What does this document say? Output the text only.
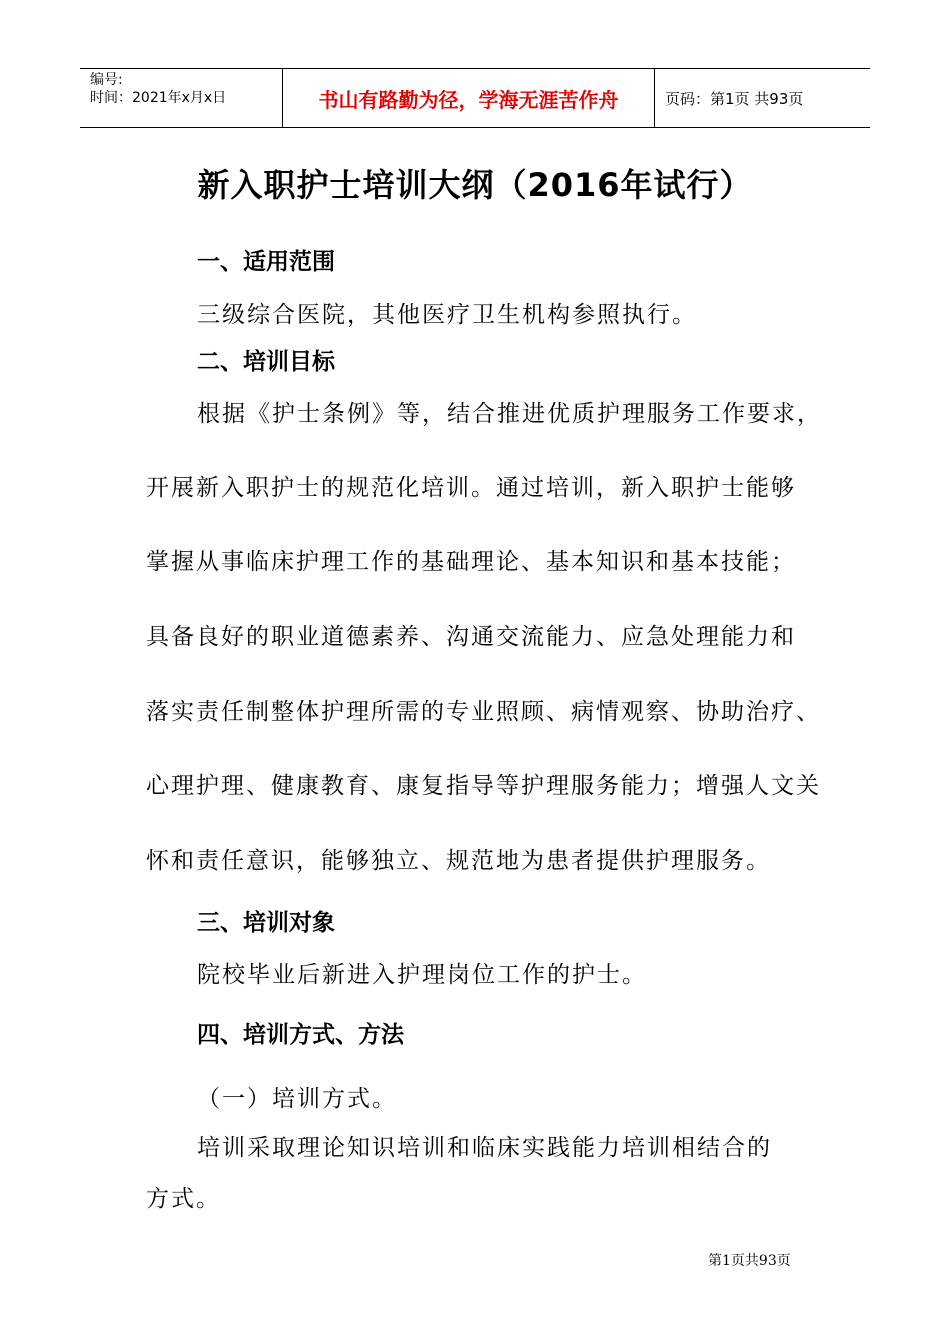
编号:
时间：2021年x月x日	书山有路勤为径，学海无涯苦作舟	页码：第1页 共93页
新入职护士培训大纲（2016年试行）
一、适用范围
三级综合医院，其他医疗卫生机构参照执行。
二、培训目标
根据《护士条例》等，结合推进优质护理服务工作要求，
开展新入职护士的规范化培训。通过培训，新入职护士能够
掌握从事临床护理工作的基础理论、基本知识和基本技能；
具备良好的职业道德素养、沟通交流能力、应急处理能力和
落实责任制整体护理所需的专业照顾、病情观察、协助治疗、
心理护理、健康教育、康复指导等护理服务能力；增强人文关
怀和责任意识，能够独立、规范地为患者提供护理服务。
三、培训对象
院校毕业后新进入护理岗位工作的护士。
四、培训方式、方法
（一）培训方式。
培训采取理论知识培训和临床实践能力培训相结合的
方式。
第1页共93页
